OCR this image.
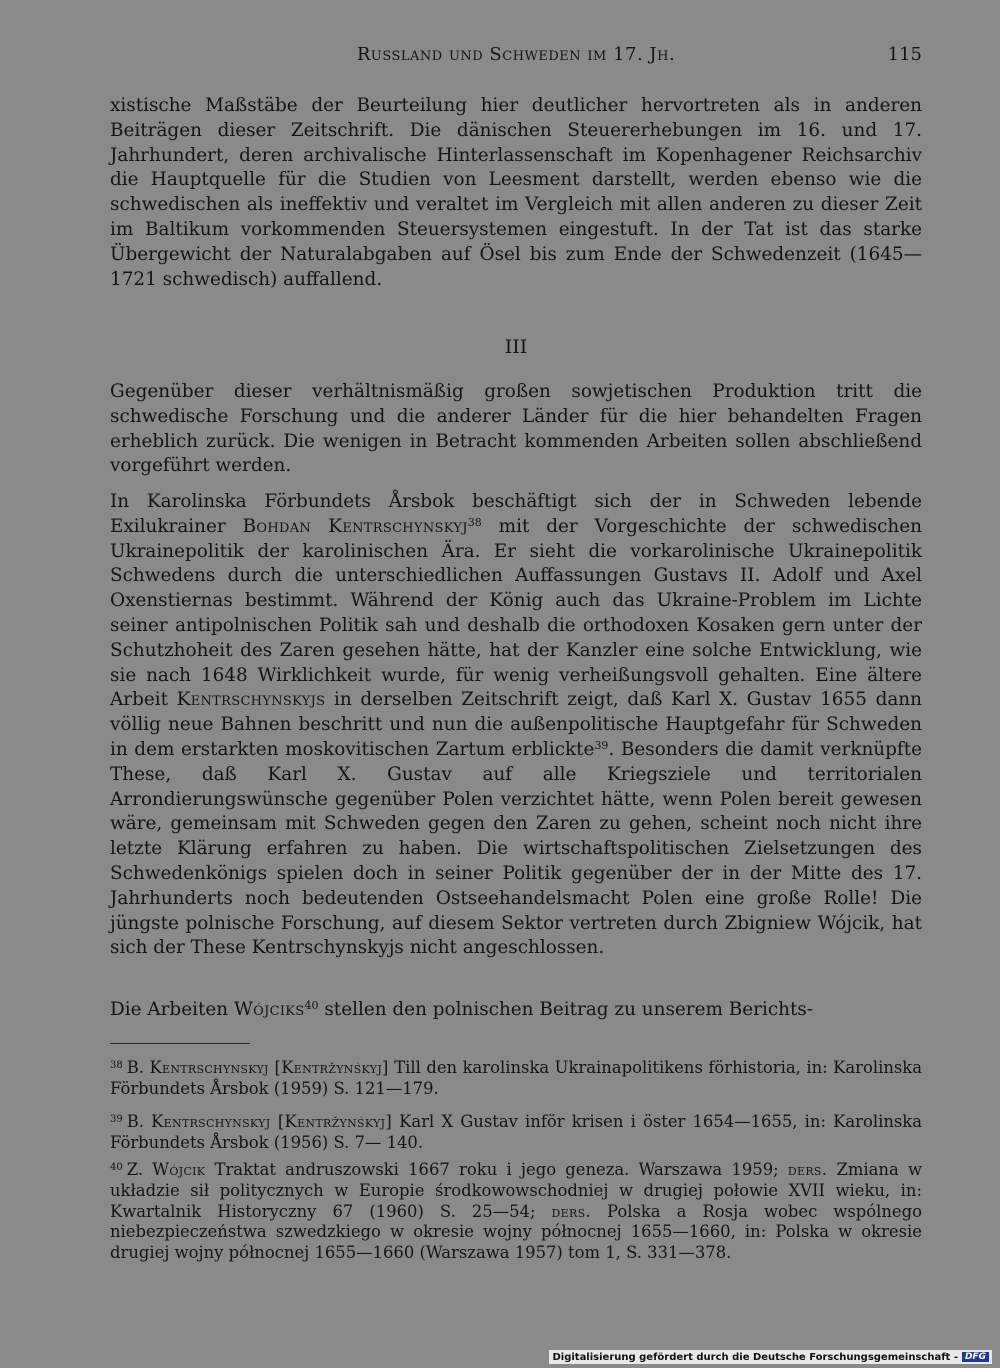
Russland und Schweden im 17. Jh.	115

xistische Maßstäbe der Beurteilung hier deutlicher hervortreten als in anderen Beiträgen dieser Zeitschrift. Die dänischen Steuererhebungen im 16. und 17. Jahrhundert, deren archivalische Hinterlassenschaft im Kopenhagener Reichsarchiv die Hauptquelle für die Studien von Leesment darstellt, werden ebenso wie die schwedischen als ineffektiv und veraltet im Vergleich mit allen anderen zu dieser Zeit im Baltikum vorkommenden Steuersystemen eingestuft. In der Tat ist das starke Übergewicht der Naturalabgaben auf Ösel bis zum Ende der Schwedenzeit (1645—1721 schwedisch) auffallend.

III

Gegenüber dieser verhältnismäßig großen sowjetischen Produktion tritt die schwedische Forschung und die anderer Länder für die hier behandelten Fragen erheblich zurück. Die wenigen in Betracht kommenden Arbeiten sollen abschließend vorgeführt werden.

In Karolinska Förbundets Årsbok beschäftigt sich der in Schweden lebende Exilukrainer Bohdan Kentrschynskyj$^{38}$ mit der Vorgeschichte der schwedischen Ukrainepolitik der karolinischen Ära. Er sieht die vorkarolinische Ukrainepolitik Schwedens durch die unterschiedlichen Auffassungen Gustavs II. Adolf und Axel Oxenstiernas bestimmt. Während der König auch das Ukraine-Problem im Lichte seiner antipolnischen Politik sah und deshalb die orthodoxen Kosaken gern unter der Schutzhoheit des Zaren gesehen hätte, hat der Kanzler eine solche Entwicklung, wie sie nach 1648 Wirklichkeit wurde, für wenig verheißungsvoll gehalten. Eine ältere Arbeit Kentrschynskyjs in derselben Zeitschrift zeigt, daß Karl X. Gustav 1655 dann völlig neue Bahnen beschritt und nun die außenpolitische Hauptgefahr für Schweden in dem erstarkten moskovitischen Zartum erblickte$^{39}$. Besonders die damit verknüpfte These, daß Karl X. Gustav auf alle Kriegsziele und territorialen Arrondierungswünsche gegenüber Polen verzichtet hätte, wenn Polen bereit gewesen wäre, gemeinsam mit Schweden gegen den Zaren zu gehen, scheint noch nicht ihre letzte Klärung erfahren zu haben. Die wirtschaftspolitischen Zielsetzungen des Schwedenkönigs spielen doch in seiner Politik gegenüber der in der Mitte des 17. Jahrhunderts noch bedeutenden Ostseehandelsmacht Polen eine große Rolle! Die jüngste polnische Forschung, auf diesem Sektor vertreten durch Zbigniew Wójcik, hat sich der These Kentrschynskyjs nicht angeschlossen.

Die Arbeiten Wójciks$^{40}$ stellen den polnischen Beitrag zu unserem Berichts-

$^{38}$ B. Kentrschynskyj [Kentržynśkyj] Till den karolinska Ukrainapolitikens förhistoria, in: Karolinska Förbundets Årsbok (1959) S. 121—179.
$^{39}$ B. Kentrschynskyj [Kentržynśkyj] Karl X Gustav inför krisen i öster 1654—1655, in: Karolinska Förbundets Årsbok (1956) S. 7— 140.
$^{40}$ Z. Wójcik Traktat andruszowski 1667 roku i jego geneza. Warszawa 1959; ders. Zmiana w układzie sił politycznych w Europie środkowowschodniej w drugiej połowie XVII wieku, in: Kwartalnik Historyczny 67 (1960) S. 25—54; ders. Polska a Rosja wobec wspólnego niebezpieczeństwa szwedzkiego w okresie wojny północnej 1655—1660, in: Polska w okresie drugiej wojny północnej 1655—1660 (Warszawa 1957) tom 1, S. 331—378.
Digitalisierung gefördert durch die Deutsche Forschungsgemeinschaft - DFG
